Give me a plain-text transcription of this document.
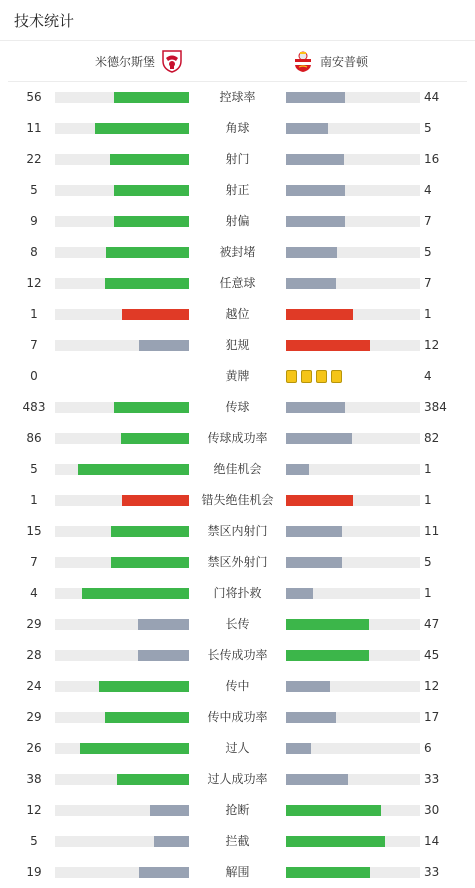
技术统计
米德尔斯堡	南安普顿
56	控球率	44
11	角球	5
22	射门	16
5	射正	4
9	射偏	7
8	被封堵	5
12	任意球	7
1	越位	1
7	犯规	12
0	黄牌	4
483	传球	384
86	传球成功率	82
5	绝佳机会	1
1	错失绝佳机会	1
15	禁区内射门	11
7	禁区外射门	5
4	门将扑救	1
29	长传	47
28	长传成功率	45
24	传中	12
29	传中成功率	17
26	过人	6
38	过人成功率	33
12	抢断	30
5	拦截	14
19	解围	33
